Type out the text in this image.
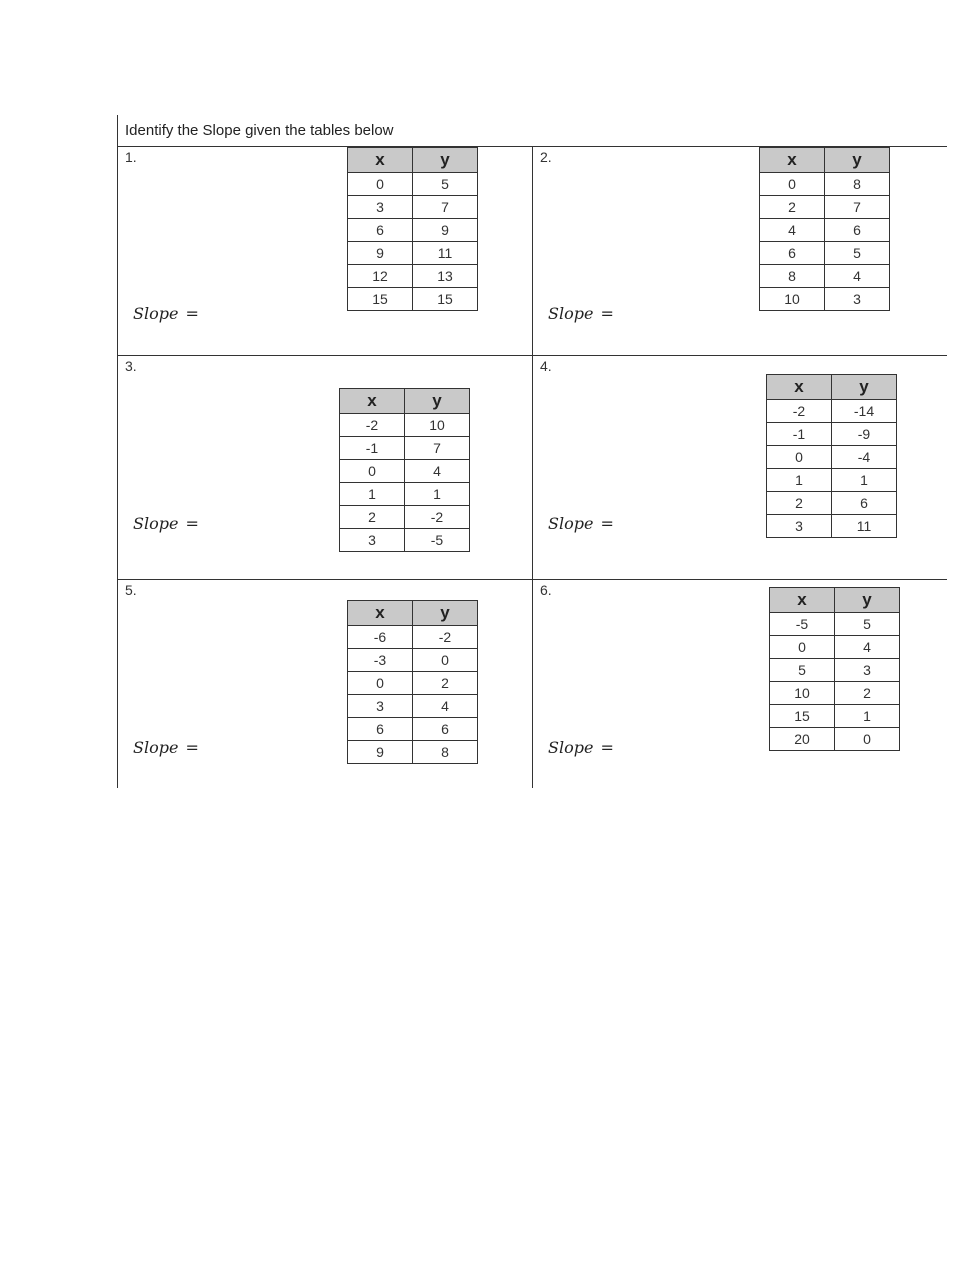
Identify the Slope given the tables below
1.	x	y
0	5
3	7
6	9
9	11
12	13
15	15
Slope =
2.	x	y
0	8
2	7
4	6
6	5
8	4
10	3
Slope =
3.
x	y
-2	10
-1	7
0	4
1	1
2	-2
3	-5
Slope =
4.
x	y
-2	-14
-1	-9
0	-4
1	1
2	6
3	11
Slope =
5.
x	y
-6	-2
-3	0
0	2
3	4
6	6
9	8
Slope =
6.	x	y
-5	5
0	4
5	3
10	2
15	1
20	0
Slope =
